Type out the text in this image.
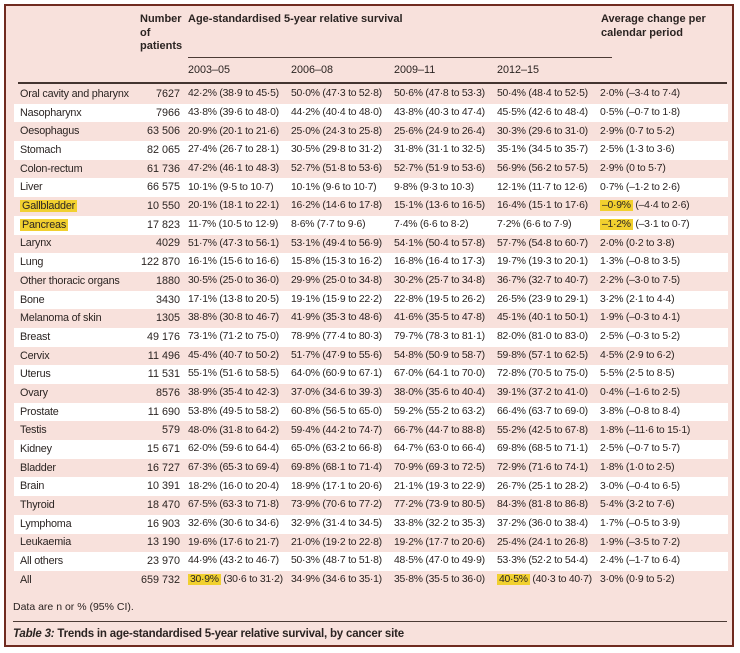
Number of patients
Age-standardised 5-year relative survival	Average change per calendar period
2003–05	2006–08	2009–11	2012–15
Oral cavity and pharynx	7627	42·2% (38·9 to 45·5)	50·0% (47·3 to 52·8)	50·6% (47·8 to 53·3)	50·4% (48·4 to 52·5)	2·0% (–3·4 to 7·4)
Nasopharynx	7966	43·8% (39·6 to 48·0)	44·2% (40·4 to 48·0)	43·8% (40·3 to 47·4)	45·5% (42·6 to 48·4)	0·5% (–0·7 to 1·8)
Oesophagus	63 506	20·9% (20·1 to 21·6)	25·0% (24·3 to 25·8)	25·6% (24·9 to 26·4)	30·3% (29·6 to 31·0)	2·9% (0·7 to 5·2)
Stomach	82 065	27·4% (26·7 to 28·1)	30·5% (29·8 to 31·2)	31·8% (31·1 to 32·5)	35·1% (34·5 to 35·7)	2·5% (1·3 to 3·6)
Colon-rectum	61 736	47·2% (46·1 to 48·3)	52·7% (51·8 to 53·6)	52·7% (51·9 to 53·6)	56·9% (56·2 to 57·5)	2·9% (0 to 5·7)
Liver	66 575	10·1% (9·5 to 10·7)	10·1% (9·6 to 10·7)	9·8% (9·3 to 10·3)	12·1% (11·7 to 12·6)	0·7% (–1·2 to 2·6)
Gallbladder	10 550	20·1% (18·1 to 22·1)	16·2% (14·6 to 17·8)	15·1% (13·6 to 16·5)	16·4% (15·1 to 17·6)	–0·9% (–4·4 to 2·6)
Pancreas	17 823	11·7% (10·5 to 12·9)	8·6% (7·7 to 9·6)	7·4% (6·6 to 8·2)	7·2% (6·6 to 7·9)	–1·2% (–3·1 to 0·7)
Larynx	4029	51·7% (47·3 to 56·1)	53·1% (49·4 to 56·9)	54·1% (50·4 to 57·8)	57·7% (54·8 to 60·7)	2·0% (0·2 to 3·8)
Lung	122 870	16·1% (15·6 to 16·6)	15·8% (15·3 to 16·2)	16·8% (16·4 to 17·3)	19·7% (19·3 to 20·1)	1·3% (–0·8 to 3·5)
Other thoracic organs	1880	30·5% (25·0 to 36·0)	29·9% (25·0 to 34·8)	30·2% (25·7 to 34·8)	36·7% (32·7 to 40·7)	2·2% (–3·0 to 7·5)
Bone	3430	17·1% (13·8 to 20·5)	19·1% (15·9 to 22·2)	22·8% (19·5 to 26·2)	26·5% (23·9 to 29·1)	3·2% (2·1 to 4·4)
Melanoma of skin	1305	38·8% (30·8 to 46·7)	41·9% (35·3 to 48·6)	41·6% (35·5 to 47·8)	45·1% (40·1 to 50·1)	1·9% (–0·3 to 4·1)
Breast	49 176	73·1% (71·2 to 75·0)	78·9% (77·4 to 80·3)	79·7% (78·3 to 81·1)	82·0% (81·0 to 83·0)	2·5% (–0·3 to 5·2)
Cervix	11 496	45·4% (40·7 to 50·2)	51·7% (47·9 to 55·6)	54·8% (50·9 to 58·7)	59·8% (57·1 to 62·5)	4·5% (2·9 to 6·2)
Uterus	11 531	55·1% (51·6 to 58·5)	64·0% (60·9 to 67·1)	67·0% (64·1 to 70·0)	72·8% (70·5 to 75·0)	5·5% (2·5 to 8·5)
Ovary	8576	38·9% (35·4 to 42·3)	37·0% (34·6 to 39·3)	38·0% (35·6 to 40·4)	39·1% (37·2 to 41·0)	0·4% (–1·6 to 2·5)
Prostate	11 690	53·8% (49·5 to 58·2)	60·8% (56·5 to 65·0)	59·2% (55·2 to 63·2)	66·4% (63·7 to 69·0)	3·8% (–0·8 to 8·4)
Testis	579	48·0% (31·8 to 64·2)	59·4% (44·2 to 74·7)	66·7% (44·7 to 88·8)	55·2% (42·5 to 67·8)	1·8% (–11·6 to 15·1)
Kidney	15 671	62·0% (59·6 to 64·4)	65·0% (63·2 to 66·8)	64·7% (63·0 to 66·4)	69·8% (68·5 to 71·1)	2·5% (–0·7 to 5·7)
Bladder	16 727	67·3% (65·3 to 69·4)	69·8% (68·1 to 71·4)	70·9% (69·3 to 72·5)	72·9% (71·6 to 74·1)	1·8% (1·0 to 2·5)
Brain	10 391	18·2% (16·0 to 20·4)	18·9% (17·1 to 20·6)	21·1% (19·3 to 22·9)	26·7% (25·1 to 28·2)	3·0% (–0·4 to 6·5)
Thyroid	18 470	67·5% (63·3 to 71·8)	73·9% (70·6 to 77·2)	77·2% (73·9 to 80·5)	84·3% (81·8 to 86·8)	5·4% (3·2 to 7·6)
Lymphoma	16 903	32·6% (30·6 to 34·6)	32·9% (31·4 to 34·5)	33·8% (32·2 to 35·3)	37·2% (36·0 to 38·4)	1·7% (–0·5 to 3·9)
Leukaemia	13 190	19·6% (17·6 to 21·7)	21·0% (19·2 to 22·8)	19·2% (17·7 to 20·6)	25·4% (24·1 to 26·8)	1·9% (–3·5 to 7·2)
All others	23 970	44·9% (43·2 to 46·7)	50·3% (48·7 to 51·8)	48·5% (47·0 to 49·9)	53·3% (52·2 to 54·4)	2·4% (–1·7 to 6·4)
All	659 732	30·9% (30·6 to 31·2)	34·9% (34·6 to 35·1)	35·8% (35·5 to 36·0)	40·5% (40·3 to 40·7)	3·0% (0·9 to 5·2)
Data are n or % (95% CI).
Table 3: Trends in age-standardised 5-year relative survival, by cancer site
